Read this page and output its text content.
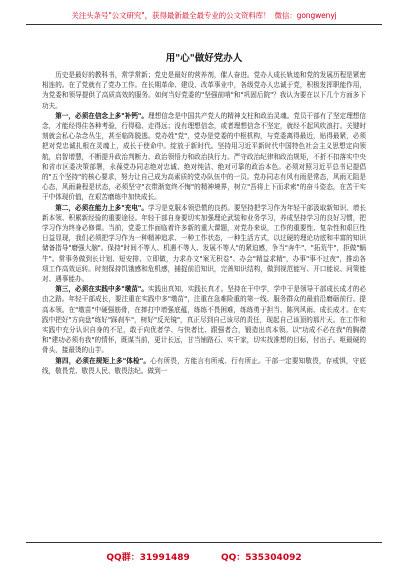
关注头条号"公文研究"，获得最新最全最专业的公文资料库！ 微信：gongwenyj
用"心"做好党办人

历史是最好的教科书，常学常新；党史是最好的营养剂，催人奋进。党办人成长轨迹和党的发展历程是紧密相连的。在了党就有了党办工作。在长期革命、建设、改革事业中，各级党办人忠诚于党，积极发挥职能作用，为党委和领导提供了高质高效的服务。如何当好党委的"坚强前哨"和"巩固后院"？我认为要在以下几个方面多下功夫。

第一，必须在信念上多"补钙"。理想信念是中国共产党人的精神支柱和政治灵魂。党员干部有了坚定理想信念，才能经得住各种考验，行得稳、走得远；没有理想信念，或者理想信念不坚定，就经不起风吹浪打。关键时刻就会私心杂念丛生，甚至临阵脱逃。党办姓"党"，党办是党委的中枢机构，与党委离得最近，贴得最紧，必须把对党忠诚扎根在灵魂上，成长于使命中。绽放于新时代。坚持用习近平新时代中国特色社会主义思想定向领航，启智增慧，不断提升政治判断力、政治领悟力和政治执行力。严守政治纪律和政治规矩，不折不扣落实中央和省市区委决策部署，永葆党办同志绝对忠诚、绝对纯洁、绝对可靠的政治本色。必须对照习近平总书记提倡的"五个坚持"的核心要求，努力让自己成为高素质的党办队伍中的一员。党办同志有风有雨是常态，风雨无阻是心态，风雨兼程是状态，必须坚守"衣带渐宽终不悔"的精神境界，树立"吾将上下而求索"的奋斗姿态，在苦干实干中体现价值，在艰苦磨练中加快成长。

第二，必须在能力上多"充电"。学习是克服本领恐慌的良药。要坚持把学习作为年轻干部汲取新知识、增长新本领、积累新经验的重要途径。年轻干部自身要切实加强理论武装和业务学习，养成坚持学习的良好习惯，把学习作为终身必修课。当前，党委工作面临着许多新的重大课题，对党办来说，工作的重要性、复杂性和艰巨性日益显现，我们必须把学习作为一种精神追求、一种工作状态，一种生活方式，以过硬的理论功底和丰富的知识储备指导"磨强大脑"。保持"时间不等人、机遇不等人、发展不等人"的紧迫感，争当"奔牛"、"拓荒牛"，拒做"蜗牛"。常事务做到长计划、短安排、立即做，力求办文"案无积卷"、办会"精益求精"，办事"事不过夜"，推动各项工作高效运转。时刻保持饥饿感和危机感，捕捉前沿知识，完善知识结构，做到视范能写、开口能说、问策能对、遇事能办。

第三，必须在实践中多"墩苗"。实践出真知，实践长真才。坚持在干中学，学中干是领导干部成长成才的必由之路。年轻干部成长，要注重在实践中多"墩苗"，注重在急难险重的第一线、服务群众的最前沿磨砺前行、提高本领。在"墩苗"中硬强筋骨，在摔打中增强底蕴，练练不畏困难，练练勇于担当、陈列风雨、成长成才。在实践中把好"方向盘"练好"踩刹车"，树好"反光镜"，真正尽到自己该尽的责任，现起自己该顶的那片天。在工作和实践中充分认识自身的不足，敢于向优者学、与快者比、跟强者合，锻造出真本领。以"功成不必在我"的胸襟和"建功必须有我"的情怀，既谋当前，更计长远，甘当铺路石、实干家，切实找准想的目标，付出子。呕最硬的骨头，接最烫的山芋。

第四，必须在规矩上多"体检"。心有所畏，方能言有所戒、行有所止。干部一定要知敬畏，存戒惧，守底线，敬畏党、敬畏人民、敬畏法纪。做到一

QQ群：31991489	QQ：535304092
